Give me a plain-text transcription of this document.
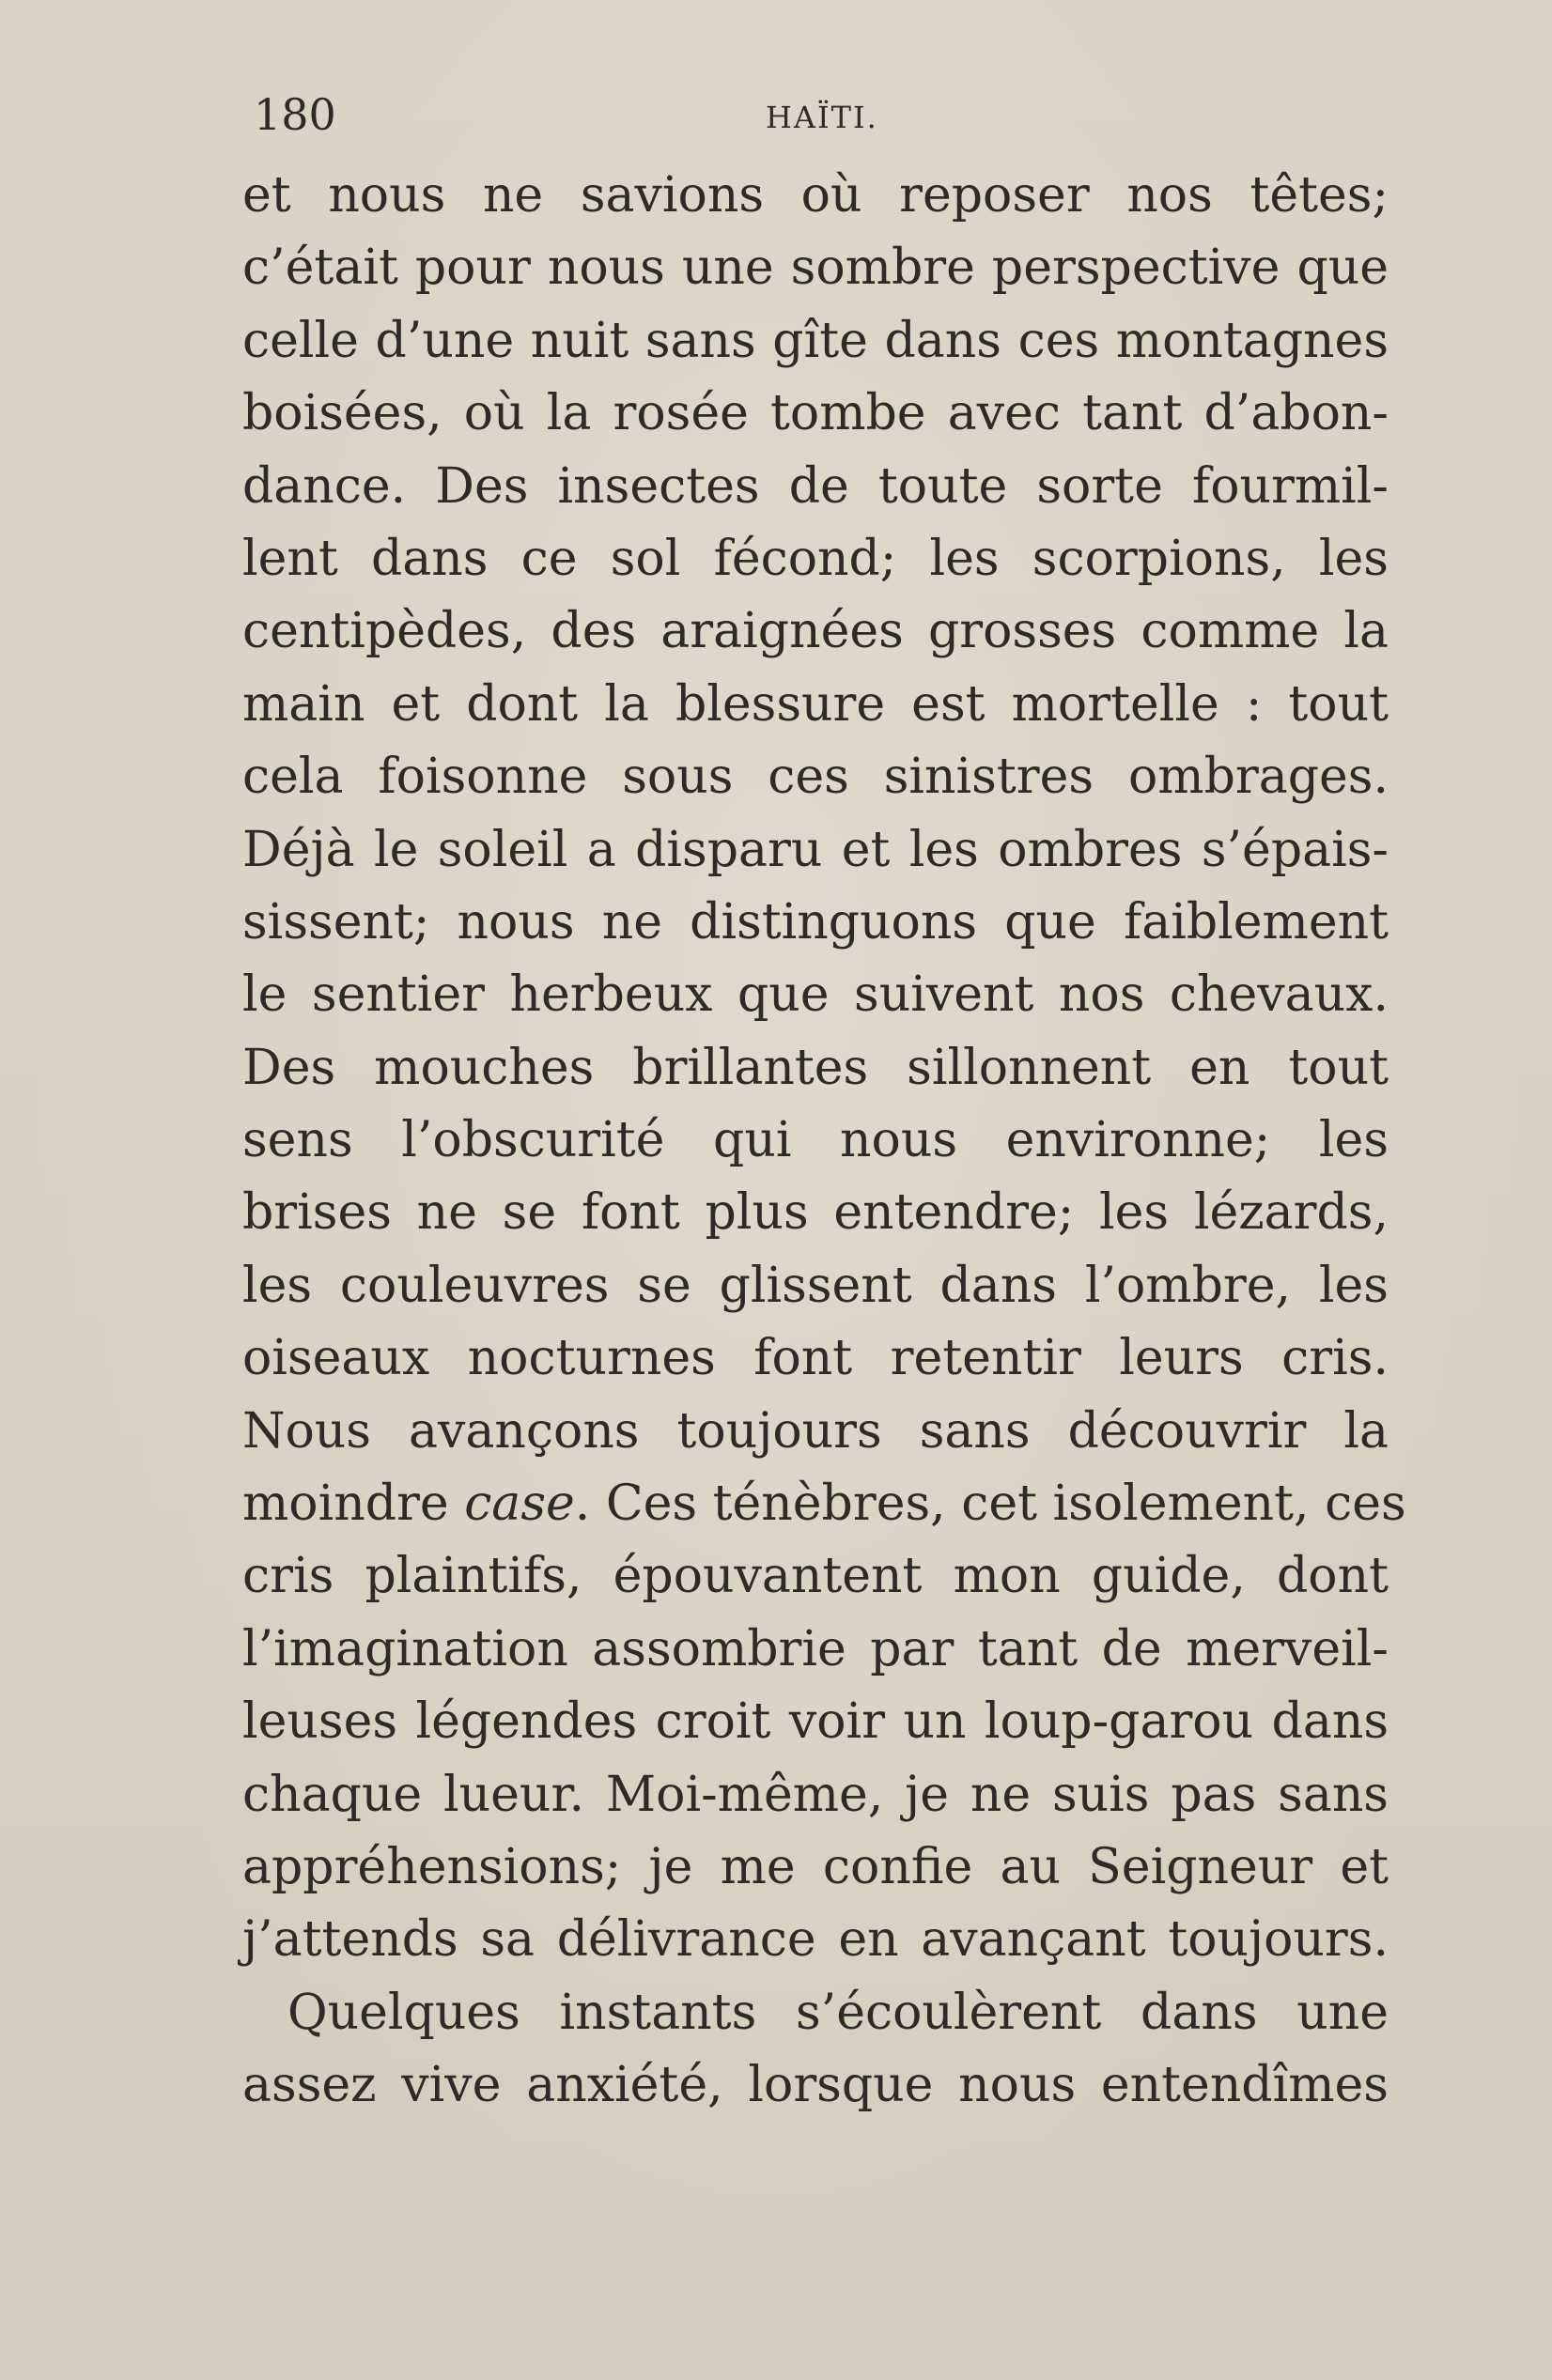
180	HAÏTI.
et nous ne savions où reposer nos têtes;
c’était pour nous une sombre perspective que
celle d’une nuit sans gîte dans ces montagnes
boisées, où la rosée tombe avec tant d’abon-
dance. Des insectes de toute sorte fourmil-
lent dans ce sol fécond; les scorpions, les
centipèdes, des araignées grosses comme la
main et dont la blessure est mortelle : tout
cela foisonne sous ces sinistres ombrages.
Déjà le soleil a disparu et les ombres s’épais-
sissent; nous ne distinguons que faiblement
le sentier herbeux que suivent nos chevaux.
Des mouches brillantes sillonnent en tout
sens l’obscurité qui nous environne; les
brises ne se font plus entendre; les lézards,
les couleuvres se glissent dans l’ombre, les
oiseaux nocturnes font retentir leurs cris.
Nous avançons toujours sans découvrir la
moindre case. Ces ténèbres, cet isolement, ces
cris plaintifs, épouvantent mon guide, dont
l’imagination assombrie par tant de merveil-
leuses légendes croit voir un loup-garou dans
chaque lueur. Moi-même, je ne suis pas sans
appréhensions; je me confie au Seigneur et
j’attends sa délivrance en avançant toujours.
Quelques instants s’écoulèrent dans une
assez vive anxiété, lorsque nous entendîmes
